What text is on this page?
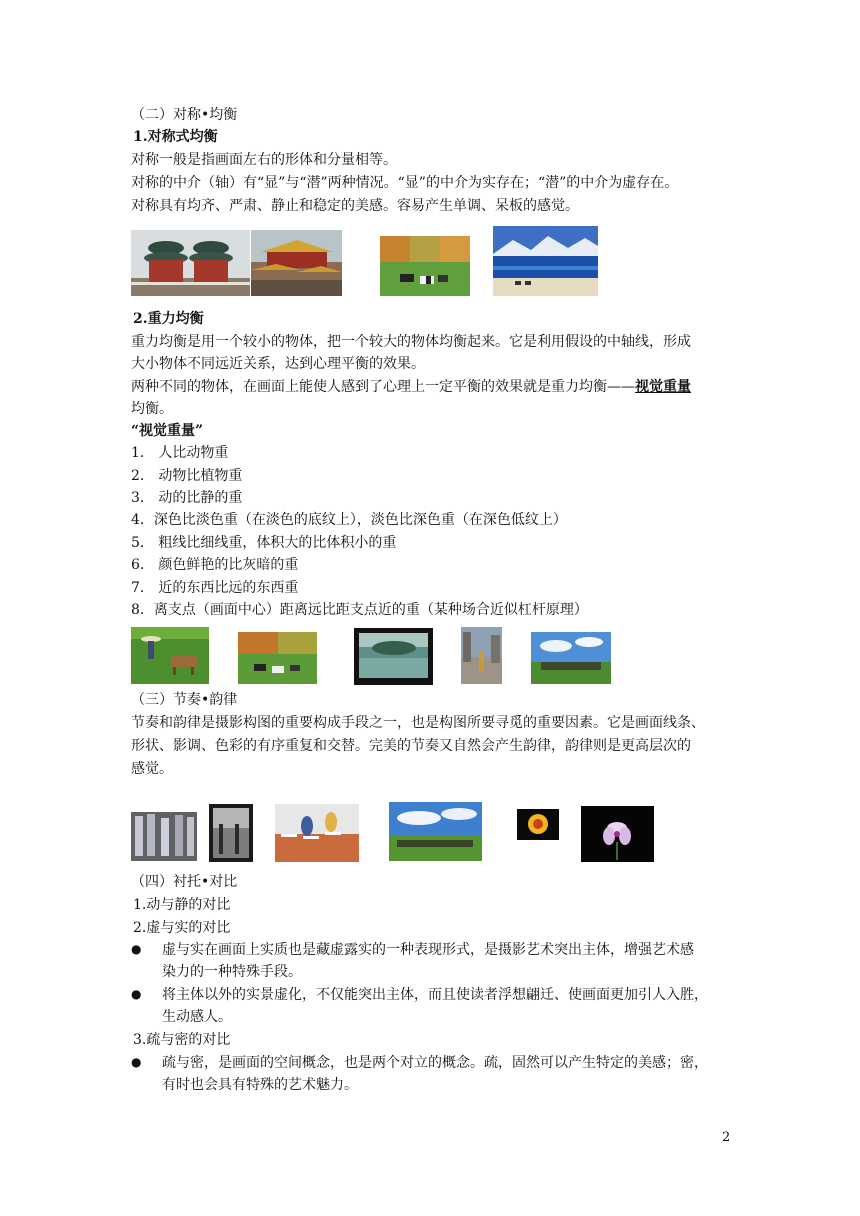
（二）对称•均衡
1.对称式均衡
对称一般是指画面左右的形体和分量相等。
对称的中介（轴）有“显”与“潜”两种情况。“显”的中介为实存在；“潜”的中介为虚存在。
对称具有均齐、严肃、静止和稳定的美感。容易产生单调、呆板的感觉。
2.重力均衡
重力均衡是用一个较小的物体，把一个较大的物体均衡起来。它是利用假设的中轴线，形成
大小物体不同远近关系，达到心理平衡的效果。
两种不同的物体，在画面上能使人感到了心理上一定平衡的效果就是重力均衡——视觉重量
均衡。
“视觉重量”
1． 人比动物重
2． 动物比植物重
3． 动的比静的重
4．深色比淡色重（在淡色的底纹上），淡色比深色重（在深色低纹上）
5． 粗线比细线重，体积大的比体积小的重
6． 颜色鲜艳的比灰暗的重
7． 近的东西比远的东西重
8．离支点（画面中心）距离远比距支点近的重（某种场合近似杠杆原理）
（三）节奏•韵律
节奏和韵律是摄影构图的重要构成手段之一，也是构图所要寻觅的重要因素。它是画面线条、
形状、影调、色彩的有序重复和交替。完美的节奏又自然会产生韵律，韵律则是更高层次的
感觉。
（四）衬托•对比
1.动与静的对比
2.虚与实的对比
● 虚与实在画面上实质也是藏虚露实的一种表现形式，是摄影艺术突出主体，增强艺术感
染力的一种特殊手段。
● 将主体以外的实景虚化，不仅能突出主体，而且使读者浮想翩迁、使画面更加引人入胜，
生动感人。
3.疏与密的对比
● 疏与密，是画面的空间概念，也是两个对立的概念。疏，固然可以产生特定的美感；密，
有时也会具有特殊的艺术魅力。
2
